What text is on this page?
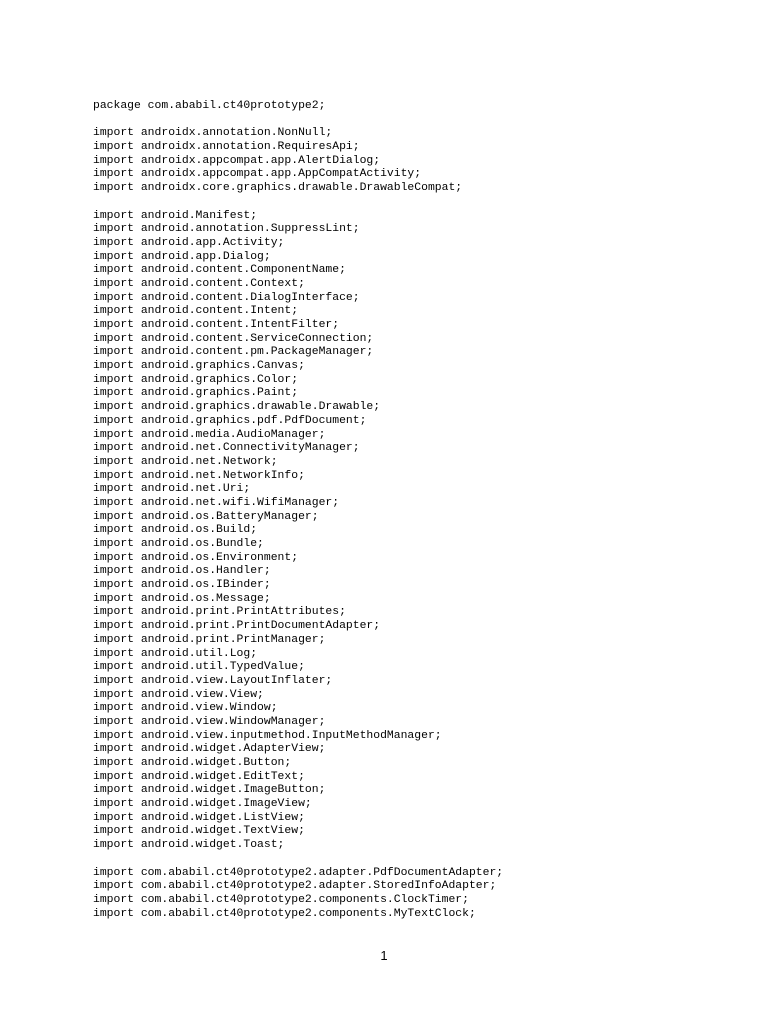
package com.ababil.ct40prototype2;
import androidx.annotation.NonNull;
import androidx.annotation.RequiresApi;
import androidx.appcompat.app.AlertDialog;
import androidx.appcompat.app.AppCompatActivity;
import androidx.core.graphics.drawable.DrawableCompat;
import android.Manifest;
import android.annotation.SuppressLint;
import android.app.Activity;
import android.app.Dialog;
import android.content.ComponentName;
import android.content.Context;
import android.content.DialogInterface;
import android.content.Intent;
import android.content.IntentFilter;
import android.content.ServiceConnection;
import android.content.pm.PackageManager;
import android.graphics.Canvas;
import android.graphics.Color;
import android.graphics.Paint;
import android.graphics.drawable.Drawable;
import android.graphics.pdf.PdfDocument;
import android.media.AudioManager;
import android.net.ConnectivityManager;
import android.net.Network;
import android.net.NetworkInfo;
import android.net.Uri;
import android.net.wifi.WifiManager;
import android.os.BatteryManager;
import android.os.Build;
import android.os.Bundle;
import android.os.Environment;
import android.os.Handler;
import android.os.IBinder;
import android.os.Message;
import android.print.PrintAttributes;
import android.print.PrintDocumentAdapter;
import android.print.PrintManager;
import android.util.Log;
import android.util.TypedValue;
import android.view.LayoutInflater;
import android.view.View;
import android.view.Window;
import android.view.WindowManager;
import android.view.inputmethod.InputMethodManager;
import android.widget.AdapterView;
import android.widget.Button;
import android.widget.EditText;
import android.widget.ImageButton;
import android.widget.ImageView;
import android.widget.ListView;
import android.widget.TextView;
import android.widget.Toast;
import com.ababil.ct40prototype2.adapter.PdfDocumentAdapter;
import com.ababil.ct40prototype2.adapter.StoredInfoAdapter;
import com.ababil.ct40prototype2.components.ClockTimer;
import com.ababil.ct40prototype2.components.MyTextClock;
1
